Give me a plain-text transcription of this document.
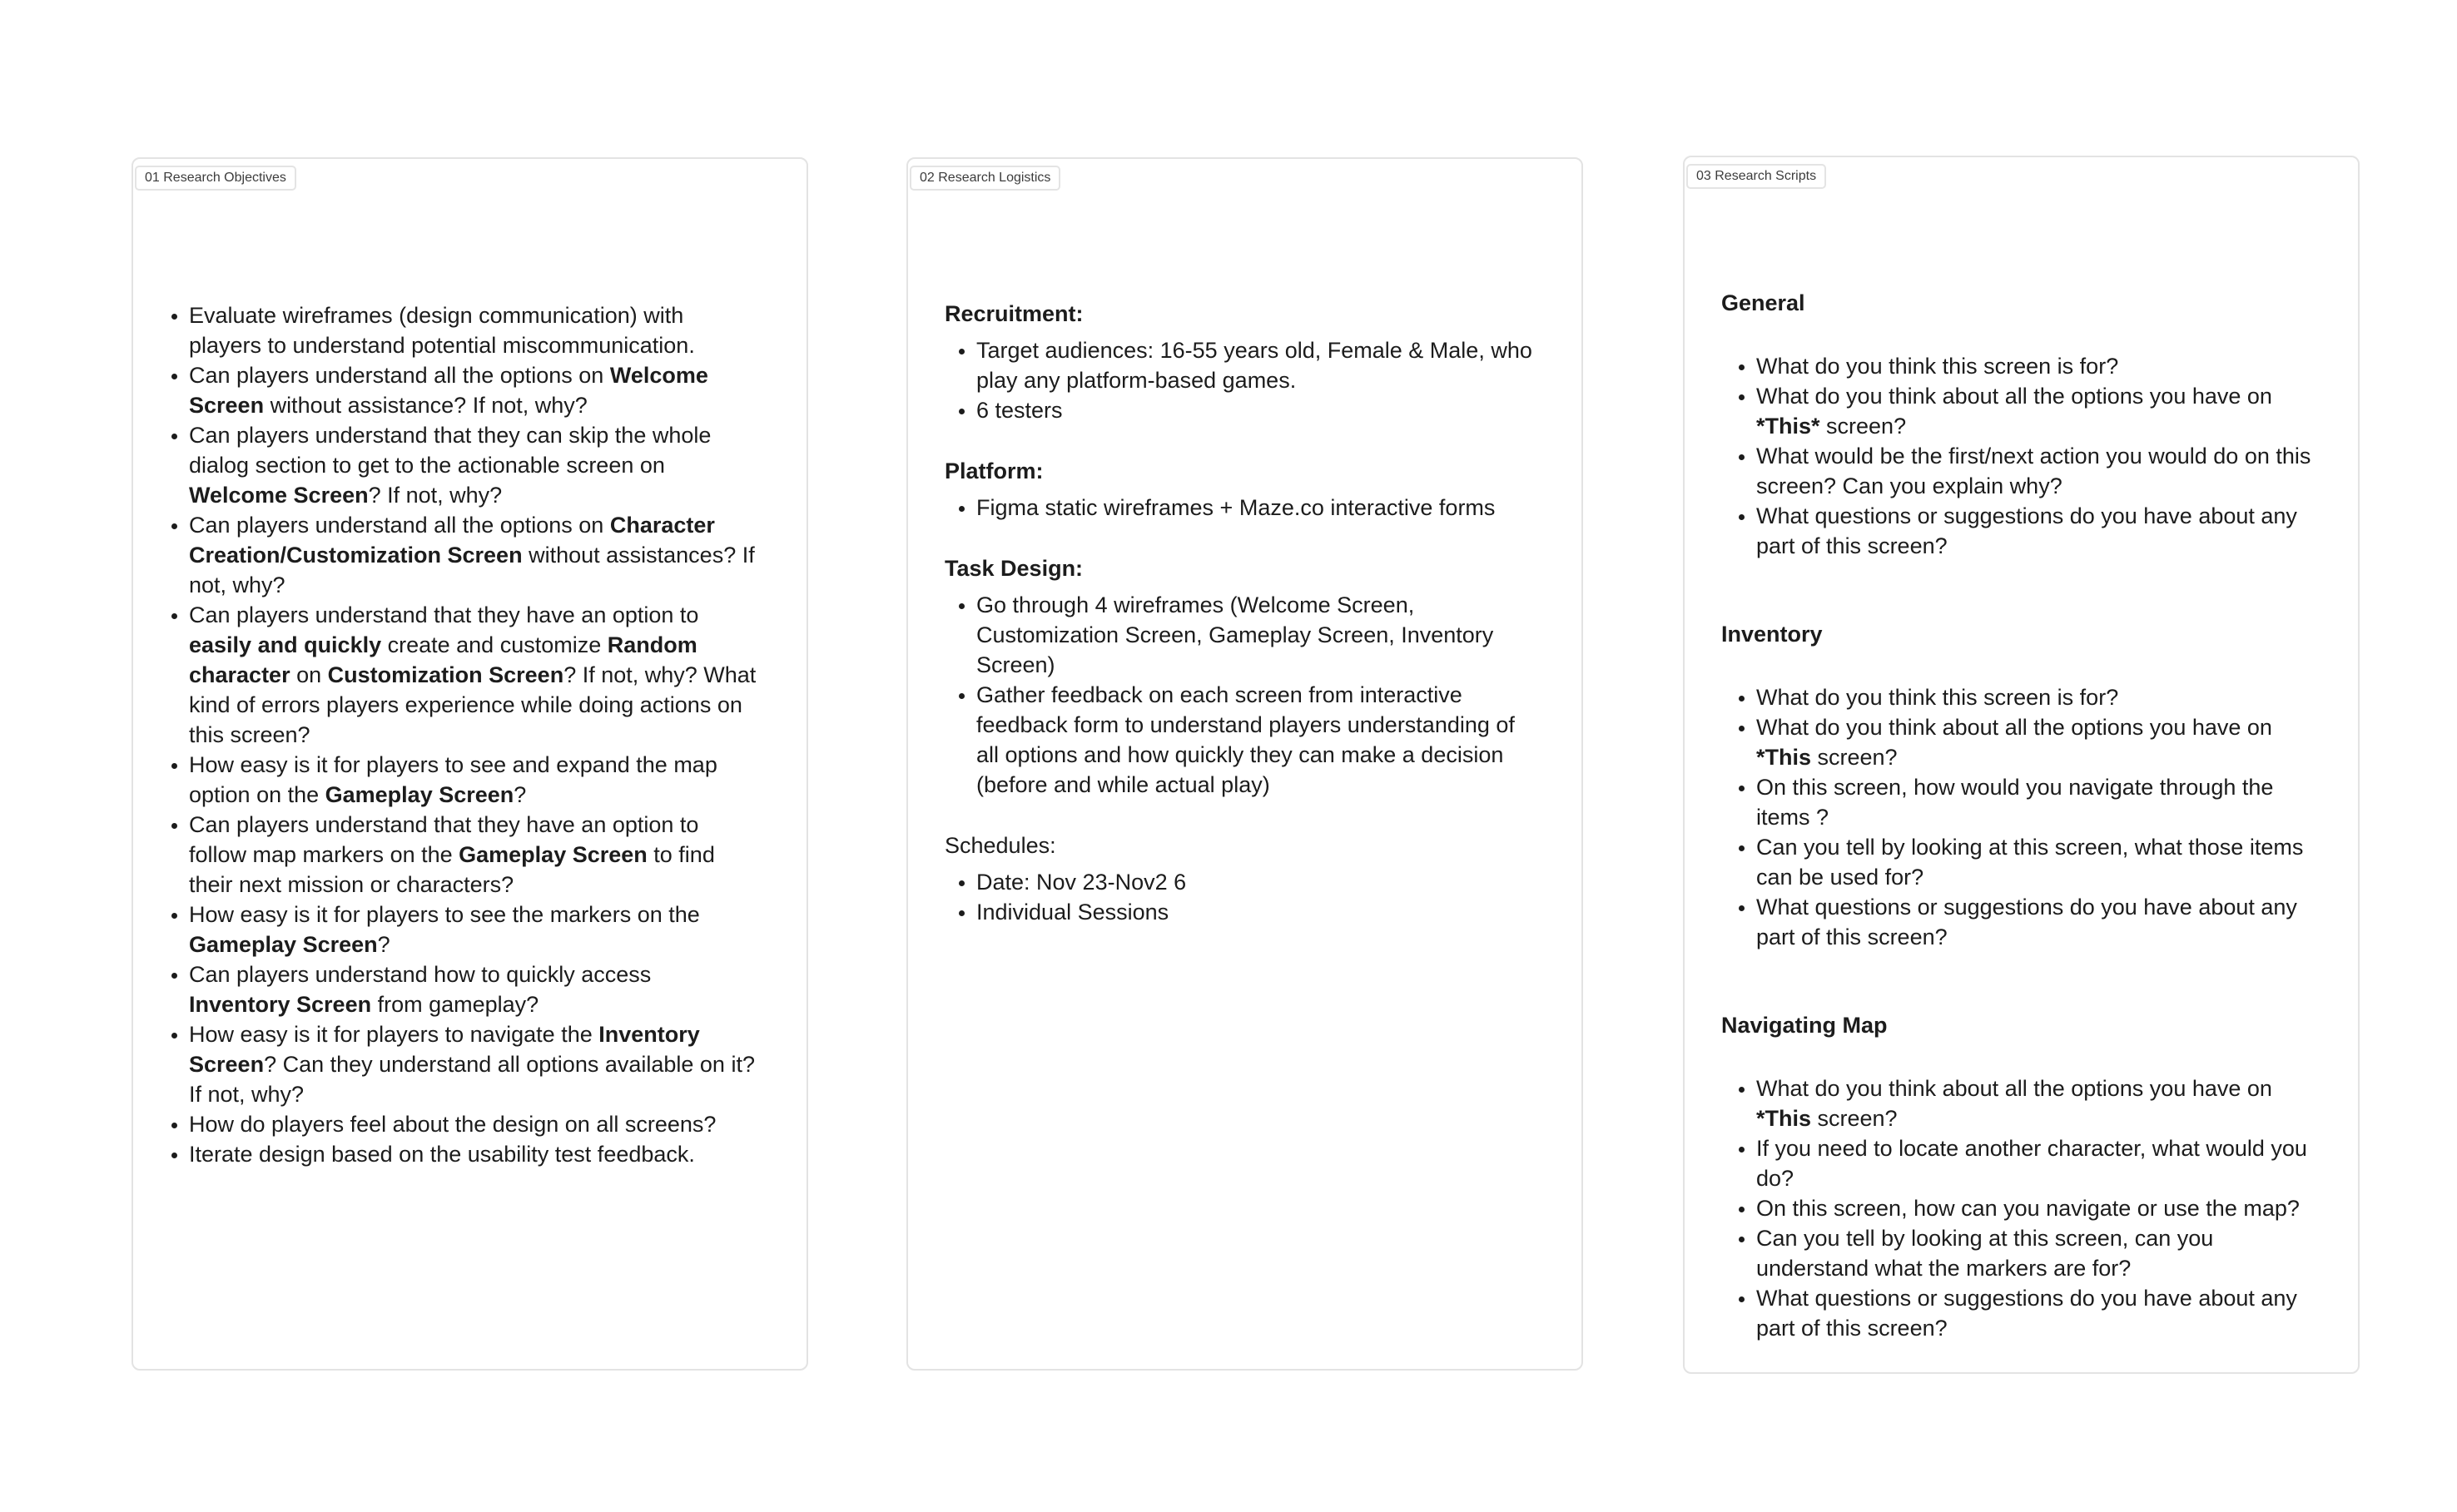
01 Research Objectives
• Evaluate wireframes (design communication) with players to understand potential miscommunication.
• Can players understand all the options on Welcome Screen without assistance? If not, why?
• Can players understand that they can skip the whole dialog section to get to the actionable screen on Welcome Screen? If not, why?
• Can players understand all the options on Character Creation/Customization Screen without assistances? If not, why?
• Can players understand that they have an option to easily and quickly create and customize Random character on Customization Screen? If not, why? What kind of errors players experience while doing actions on this screen?
• How easy is it for players to see and expand the map option on the Gameplay Screen?
• Can players understand that they have an option to follow map markers on the Gameplay Screen to find their next mission or characters?
• How easy is it for players to see the markers on the Gameplay Screen?
• Can players understand how to quickly access Inventory Screen from gameplay?
• How easy is it for players to navigate the Inventory Screen? Can they understand all options available on it? If not, why?
• How do players feel about the design on all screens?
• Iterate design based on the usability test feedback.
02 Research Logistics
Recruitment:
• Target audiences: 16-55 years old, Female & Male, who play any platform-based games.
• 6 testers
Platform:
• Figma static wireframes + Maze.co interactive forms
Task Design:
• Go through 4 wireframes (Welcome Screen, Customization Screen, Gameplay Screen, Inventory Screen)
• Gather feedback on each screen from interactive feedback form to understand players understanding of all options and how quickly they can make a decision (before and while actual play)
Schedules:
• Date: Nov 23-Nov2 6
• Individual Sessions
03 Research Scripts
General
• What do you think this screen is for?
• What do you think about all the options you have on *This* screen?
• What would be the first/next action you would do on this screen? Can you explain why?
• What questions or suggestions do you have about any part of this screen?
Inventory
• What do you think this screen is for?
• What do you think about all the options you have on *This screen?
• On this screen, how would you navigate through the items ?
• Can you tell by looking at this screen, what those items can be used for?
• What questions or suggestions do you have about any part of this screen?
Navigating Map
• What do you think about all the options you have on *This screen?
• If you need to locate another character, what would you do?
• On this screen, how can you navigate or use the map?
• Can you tell by looking at this screen, can you understand what the markers are for?
• What questions or suggestions do you have about any part of this screen?
